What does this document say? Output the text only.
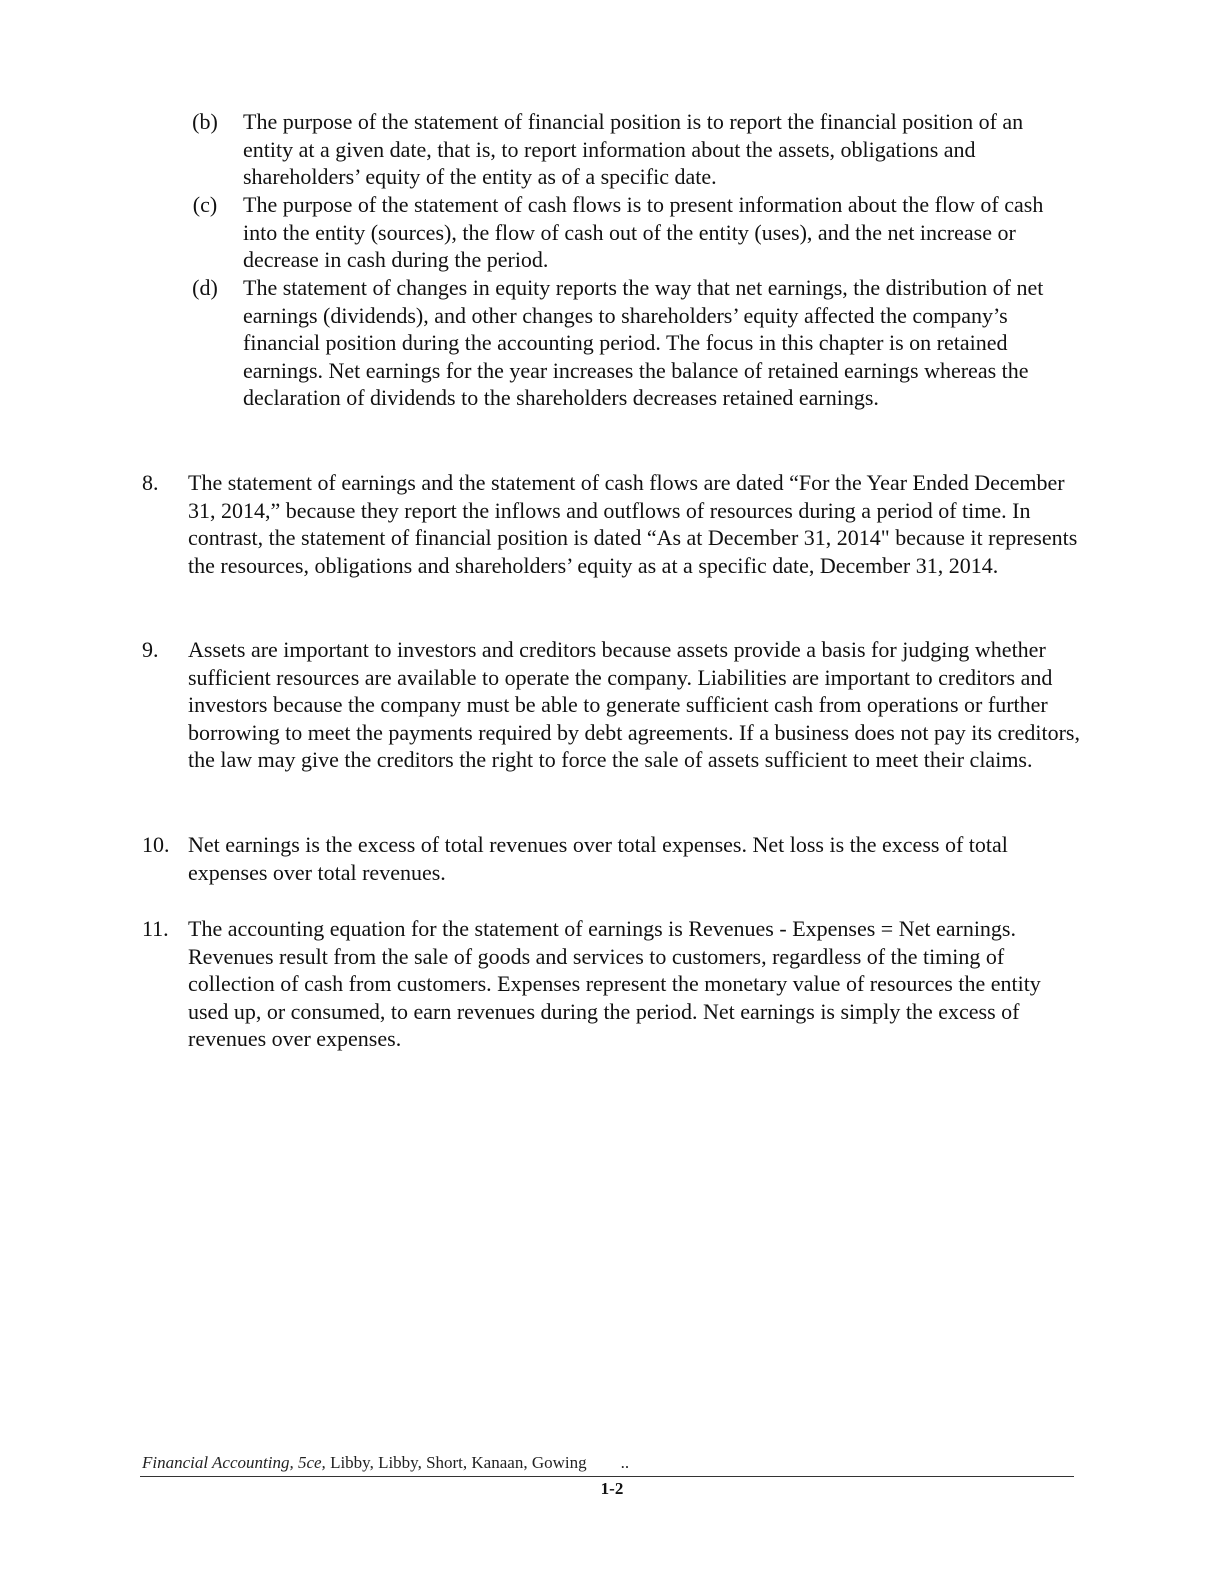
(b)	The purpose of the statement of financial position is to report the financial position of an entity at a given date, that is, to report information about the assets, obligations and shareholders’ equity of the entity as of a specific date.
(c)	The purpose of the statement of cash flows is to present information about the flow of cash into the entity (sources), the flow of cash out of the entity (uses), and the net increase or decrease in cash during the period.
(d)	The statement of changes in equity reports the way that net earnings, the distribution of net earnings (dividends), and other changes to shareholders’ equity affected the company’s financial position during the accounting period. The focus in this chapter is on retained earnings. Net earnings for the year increases the balance of retained earnings whereas the declaration of dividends to the shareholders decreases retained earnings.
8.	The statement of earnings and the statement of cash flows are dated “For the Year Ended December 31, 2014,” because they report the inflows and outflows of resources during a period of time. In contrast, the statement of financial position is dated “As at December 31, 2014" because it represents the resources, obligations and shareholders’ equity as at a specific date, December 31, 2014.
9.	Assets are important to investors and creditors because assets provide a basis for judging whether sufficient resources are available to operate the company. Liabilities are important to creditors and investors because the company must be able to generate sufficient cash from operations or further borrowing to meet the payments required by debt agreements. If a business does not pay its creditors, the law may give the creditors the right to force the sale of assets sufficient to meet their claims.
10. Net earnings is the excess of total revenues over total expenses. Net loss is the excess of total expenses over total revenues.
11. The accounting equation for the statement of earnings is Revenues - Expenses = Net earnings. Revenues result from the sale of goods and services to customers, regardless of the timing of collection of cash from customers. Expenses represent the monetary value of resources the entity used up, or consumed, to earn revenues during the period. Net earnings is simply the excess of revenues over expenses.
Financial Accounting, 5ce, Libby, Libby, Short, Kanaan, Gowing ..
1-2
